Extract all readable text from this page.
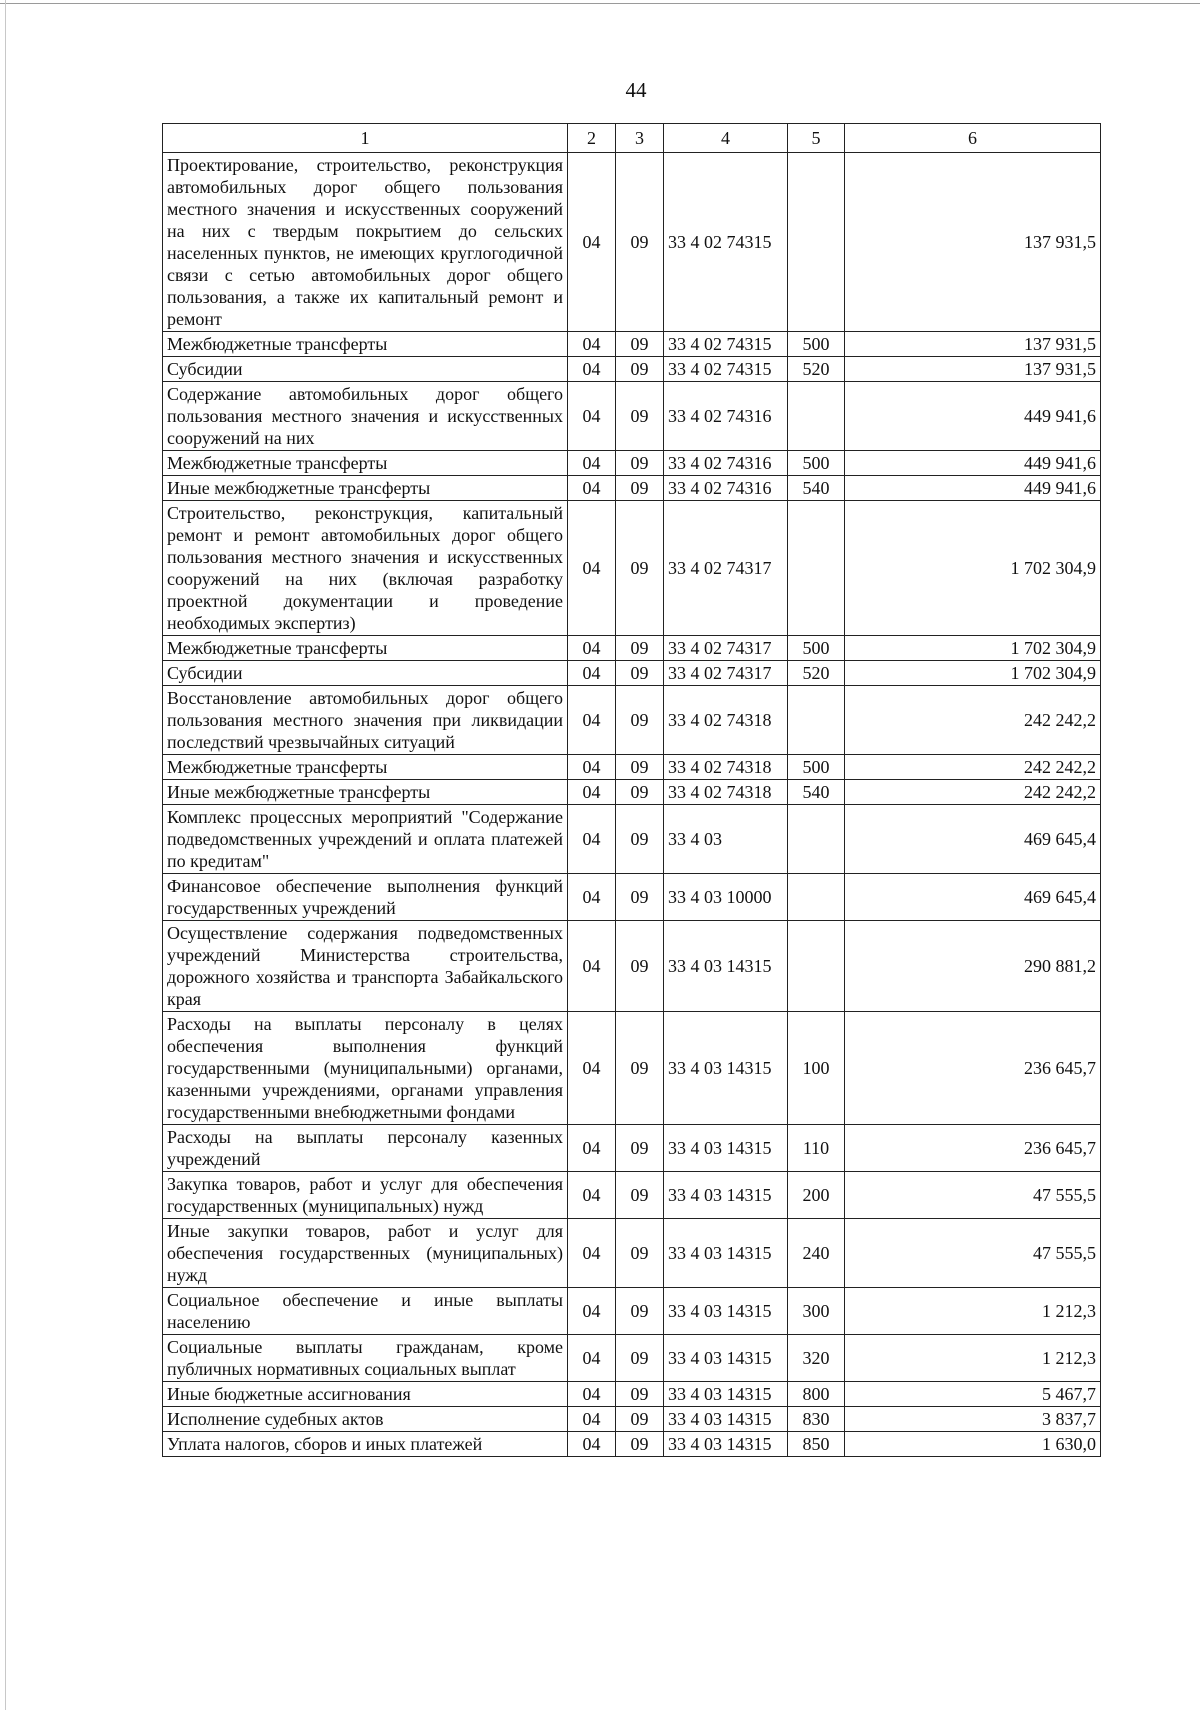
44
1	2	3	4	5	6
Проектирование, строительство, реконструкция автомобильных дорог общего пользования местного значения и искусственных сооружений на них с твердым покрытием до сельских населенных пунктов, не имеющих круглогодичной связи с сетью автомобильных дорог общего пользования, а также их капитальный ремонт и ремонт	04	09	33 4 02 74315		137 931,5
Межбюджетные трансферты	04	09	33 4 02 74315	500	137 931,5
Субсидии	04	09	33 4 02 74315	520	137 931,5
Содержание автомобильных дорог общего пользования местного значения и искусственных сооружений на них	04	09	33 4 02 74316		449 941,6
Межбюджетные трансферты	04	09	33 4 02 74316	500	449 941,6
Иные межбюджетные трансферты	04	09	33 4 02 74316	540	449 941,6
Строительство, реконструкция, капитальный ремонт и ремонт автомобильных дорог общего пользования местного значения и искусственных сооружений на них (включая разработку проектной документации и проведение необходимых экспертиз)	04	09	33 4 02 74317		1 702 304,9
Межбюджетные трансферты	04	09	33 4 02 74317	500	1 702 304,9
Субсидии	04	09	33 4 02 74317	520	1 702 304,9
Восстановление автомобильных дорог общего пользования местного значения при ликвидации последствий чрезвычайных ситуаций	04	09	33 4 02 74318		242 242,2
Межбюджетные трансферты	04	09	33 4 02 74318	500	242 242,2
Иные межбюджетные трансферты	04	09	33 4 02 74318	540	242 242,2
Комплекс процессных мероприятий "Содержание подведомственных учреждений и оплата платежей по кредитам"	04	09	33 4 03		469 645,4
Финансовое обеспечение выполнения функций государственных учреждений	04	09	33 4 03 10000		469 645,4
Осуществление содержания подведомственных учреждений Министерства строительства, дорожного хозяйства и транспорта Забайкальского края	04	09	33 4 03 14315		290 881,2
Расходы на выплаты персоналу в целях обеспечения выполнения функций государственными (муниципальными) органами, казенными учреждениями, органами управления государственными внебюджетными фондами	04	09	33 4 03 14315	100	236 645,7
Расходы на выплаты персоналу казенных учреждений	04	09	33 4 03 14315	110	236 645,7
Закупка товаров, работ и услуг для обеспечения государственных (муниципальных) нужд	04	09	33 4 03 14315	200	47 555,5
Иные закупки товаров, работ и услуг для обеспечения государственных (муниципальных) нужд	04	09	33 4 03 14315	240	47 555,5
Социальное обеспечение и иные выплаты населению	04	09	33 4 03 14315	300	1 212,3
Социальные выплаты гражданам, кроме публичных нормативных социальных выплат	04	09	33 4 03 14315	320	1 212,3
Иные бюджетные ассигнования	04	09	33 4 03 14315	800	5 467,7
Исполнение судебных актов	04	09	33 4 03 14315	830	3 837,7
Уплата налогов, сборов и иных платежей	04	09	33 4 03 14315	850	1 630,0
